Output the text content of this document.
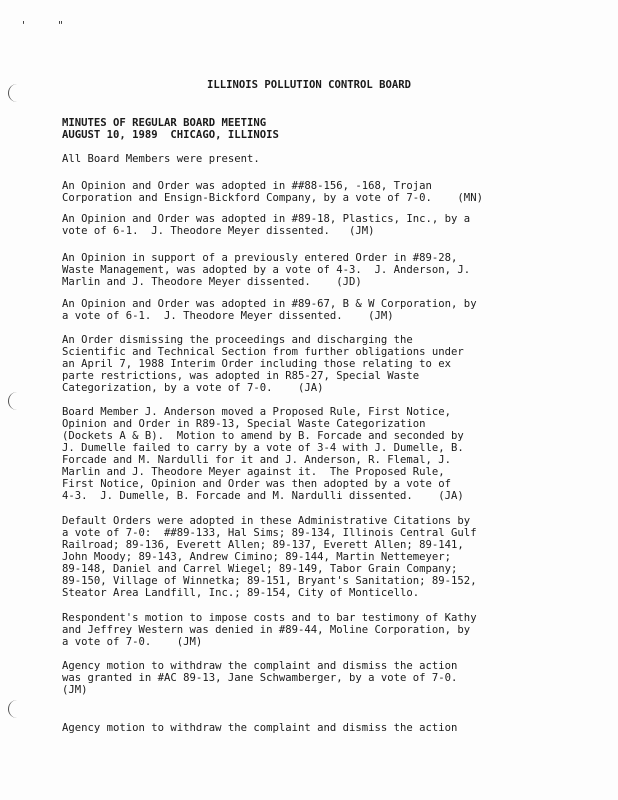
'	"
ILLINOIS POLLUTION CONTROL BOARD
MINUTES OF REGULAR BOARD MEETING
AUGUST 10, 1989  CHICAGO, ILLINOIS
All Board Members were present.
An Opinion and Order was adopted in ##88-156, -168, Trojan
Corporation and Ensign-Bickford Company, by a vote of 7-0.    (MN)
An Opinion and Order was adopted in #89-18, Plastics, Inc., by a
vote of 6-1.  J. Theodore Meyer dissented.   (JM)
An Opinion in support of a previously entered Order in #89-28,
Waste Management, was adopted by a vote of 4-3.  J. Anderson, J.
Marlin and J. Theodore Meyer dissented.    (JD)
An Opinion and Order was adopted in #89-67, B & W Corporation, by
a vote of 6-1.  J. Theodore Meyer dissented.    (JM)
An Order dismissing the proceedings and discharging the
Scientific and Technical Section from further obligations under
an April 7, 1988 Interim Order including those relating to ex
parte restrictions, was adopted in R85-27, Special Waste
Categorization, by a vote of 7-0.    (JA)
Board Member J. Anderson moved a Proposed Rule, First Notice,
Opinion and Order in R89-13, Special Waste Categorization
(Dockets A & B).  Motion to amend by B. Forcade and seconded by
J. Dumelle failed to carry by a vote of 3-4 with J. Dumelle, B.
Forcade and M. Nardulli for it and J. Anderson, R. Flemal, J.
Marlin and J. Theodore Meyer against it.  The Proposed Rule,
First Notice, Opinion and Order was then adopted by a vote of
4-3.  J. Dumelle, B. Forcade and M. Nardulli dissented.    (JA)
Default Orders were adopted in these Administrative Citations by
a vote of 7-0:  ##89-133, Hal Sims; 89-134, Illinois Central Gulf
Railroad; 89-136, Everett Allen; 89-137, Everett Allen; 89-141,
John Moody; 89-143, Andrew Cimino; 89-144, Martin Nettemeyer;
89-148, Daniel and Carrel Wiegel; 89-149, Tabor Grain Company;
89-150, Village of Winnetka; 89-151, Bryant's Sanitation; 89-152,
Steator Area Landfill, Inc.; 89-154, City of Monticello.
Respondent's motion to impose costs and to bar testimony of Kathy
and Jeffrey Western was denied in #89-44, Moline Corporation, by
a vote of 7-0.    (JM)
Agency motion to withdraw the complaint and dismiss the action
was granted in #AC 89-13, Jane Schwamberger, by a vote of 7-0.
(JM)
Agency motion to withdraw the complaint and dismiss the action
